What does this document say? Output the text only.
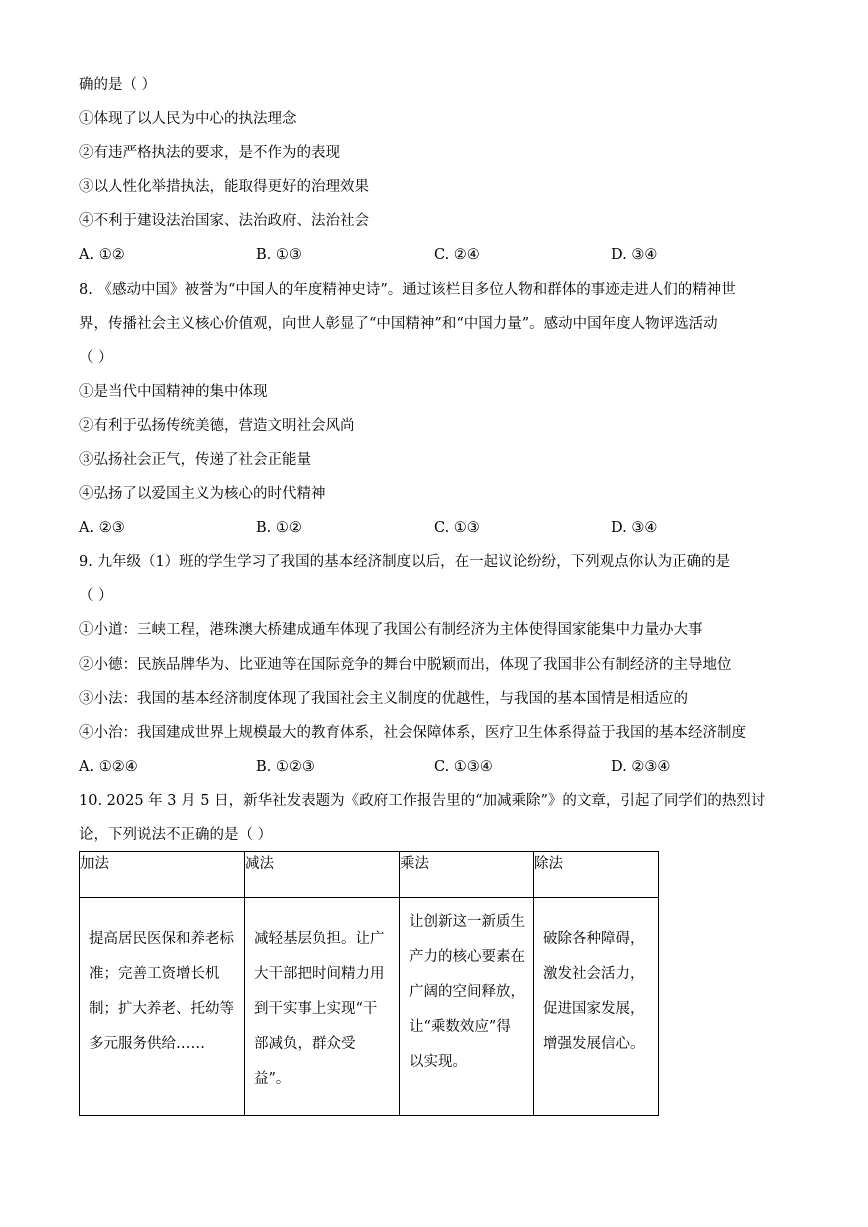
确的是（ ）
①体现了以人民为中心的执法理念
②有违严格执法的要求，是不作为的表现
③以人性化举措执法，能取得更好的治理效果
④不利于建设法治国家、法治政府、法治社会
A. ①②	B. ①③	C. ②④	D. ③④
8. 《感动中国》被誉为“中国人的年度精神史诗”。通过该栏目多位人物和群体的事迹走进人们的精神世
界，传播社会主义核心价值观，向世人彰显了“中国精神”和“中国力量”。感动中国年度人物评选活动
（ ）
①是当代中国精神的集中体现
②有利于弘扬传统美德，营造文明社会风尚
③弘扬社会正气，传递了社会正能量
④弘扬了以爱国主义为核心的时代精神
A. ②③	B. ①②	C. ①③	D. ③④
9. 九年级（1）班的学生学习了我国的基本经济制度以后，在一起议论纷纷，下列观点你认为正确的是
（ ）
①小道：三峡工程，港珠澳大桥建成通车体现了我国公有制经济为主体使得国家能集中力量办大事
②小德：民族品牌华为、比亚迪等在国际竞争的舞台中脱颖而出，体现了我国非公有制经济的主导地位
③小法：我国的基本经济制度体现了我国社会主义制度的优越性，与我国的基本国情是相适应的
④小治：我国建成世界上规模最大的教育体系，社会保障体系，医疗卫生体系得益于我国的基本经济制度
A. ①②④	B. ①②③	C. ①③④	D. ②③④
10. 2025 年 3 月 5 日，新华社发表题为《政府工作报告里的“加减乘除”》的文章，引起了同学们的热烈讨
论，下列说法不正确的是（ ）
加法	减法	乘法	除法

提高居民医保和养老标准；完善工资增长机制；扩大养老、托幼等多元服务供给……	减轻基层负担。让广大干部把时间精力用到干实事上实现“干部减负，群众受益”。	让创新这一新质生产力的核心要素在广阔的空间释放，让“乘数效应”得以实现。	破除各种障碍，激发社会活力，促进国家发展，增强发展信心。
